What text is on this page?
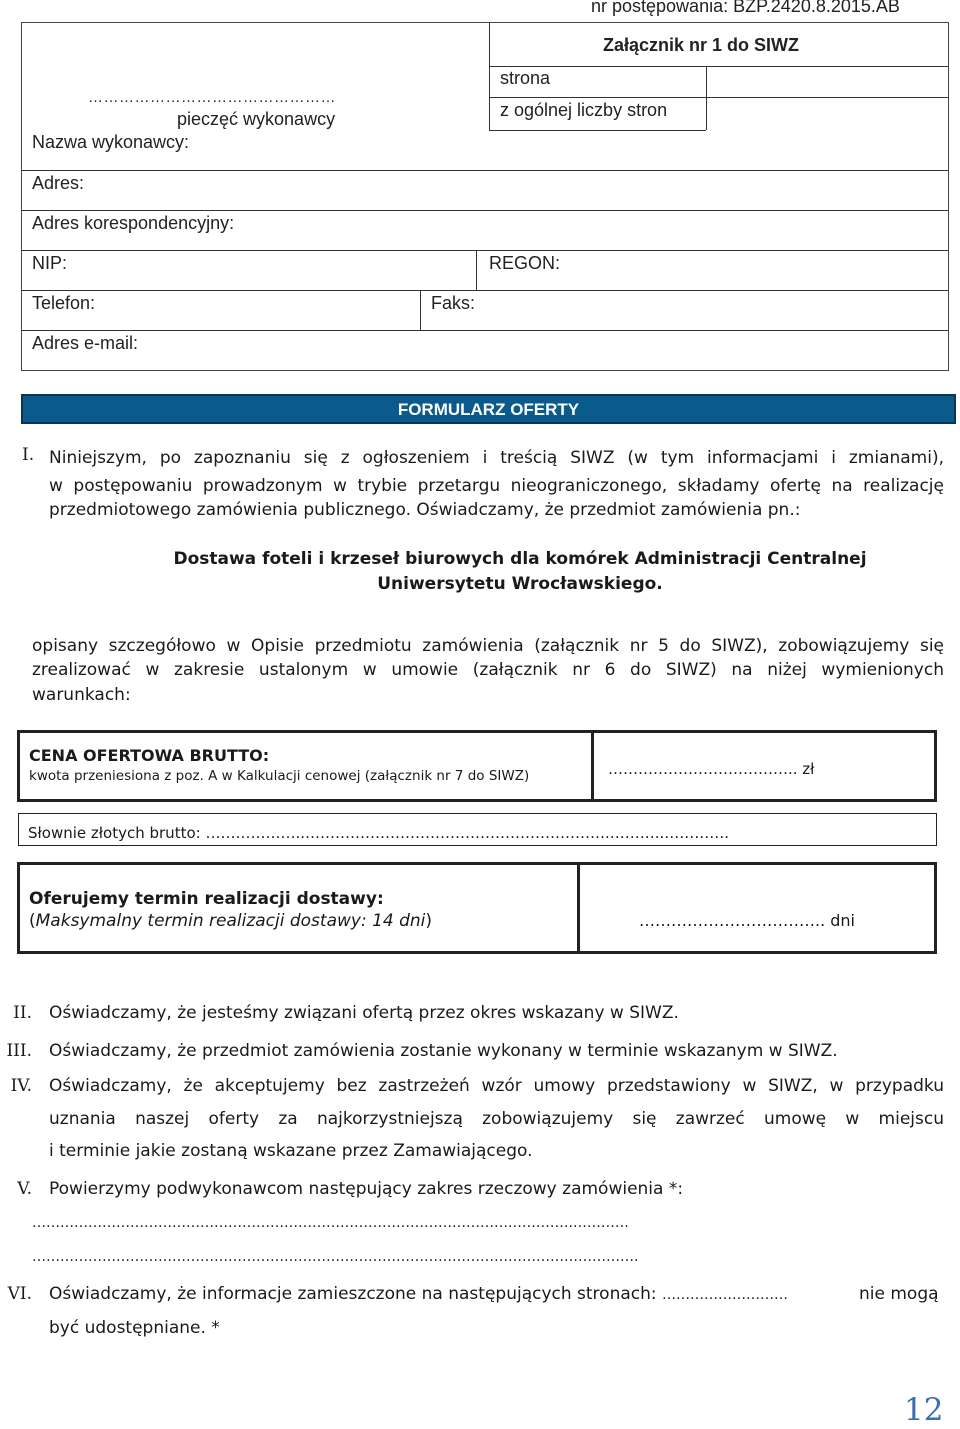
nr postępowania: BZP.2420.8.2015.AB
Załącznik nr 1 do SIWZ
strona
z ogólnej liczby stron
…………………………………………
pieczęć wykonawcy
Nazwa wykonawcy:
Adres:
Adres korespondencyjny:
NIP:	REGON:
Telefon:	Faks:
Adres e-mail:
FORMULARZ OFERTY
I. Niniejszym, po zapoznaniu się z ogłoszeniem i treścią SIWZ (w tym informacjami i zmianami),
w postępowaniu prowadzonym w trybie przetargu nieograniczonego, składamy ofertę na realizację
przedmiotowego zamówienia publicznego. Oświadczamy, że przedmiot zamówienia pn.:
Dostawa foteli i krzeseł biurowych dla komórek Administracji Centralnej
Uniwersytetu Wrocławskiego.
opisany szczegółowo w Opisie przedmiotu zamówienia (załącznik nr 5 do SIWZ), zobowiązujemy się
zrealizować w zakresie ustalonym w umowie (załącznik nr 6 do SIWZ) na niżej wymienionych
warunkach:
CENA OFERTOWA BRUTTO:
kwota przeniesiona z poz. A w Kalkulacji cenowej (załącznik nr 7 do SIWZ)	……………………………….. zł
Słownie złotych brutto: ………………..…………………………………………………….………..………….
Oferujemy termin realizacji dostawy:
(Maksymalny termin realizacji dostawy: 14 dni)	…………………………….. dni
II. Oświadczamy, że jesteśmy związani ofertą przez okres wskazany w SIWZ.
III. Oświadczamy, że przedmiot zamówienia zostanie wykonany w terminie wskazanym w SIWZ.
IV. Oświadczamy, że akceptujemy bez zastrzeżeń wzór umowy przedstawiony w SIWZ, w przypadku
uznania naszej oferty za najkorzystniejszą zobowiązujemy się zawrzeć umowę w miejscu
i terminie jakie zostaną wskazane przez Zamawiającego.
V. Powierzymy podwykonawcom następujący zakres rzeczowy zamówienia *:
………………………………………………………………………………………….………….…………
………………………………………………………………………………………………………………….
VI. Oświadczamy, że informacje zamieszczone na następujących stronach: ………………………	nie mogą
być udostępniane. *
12
